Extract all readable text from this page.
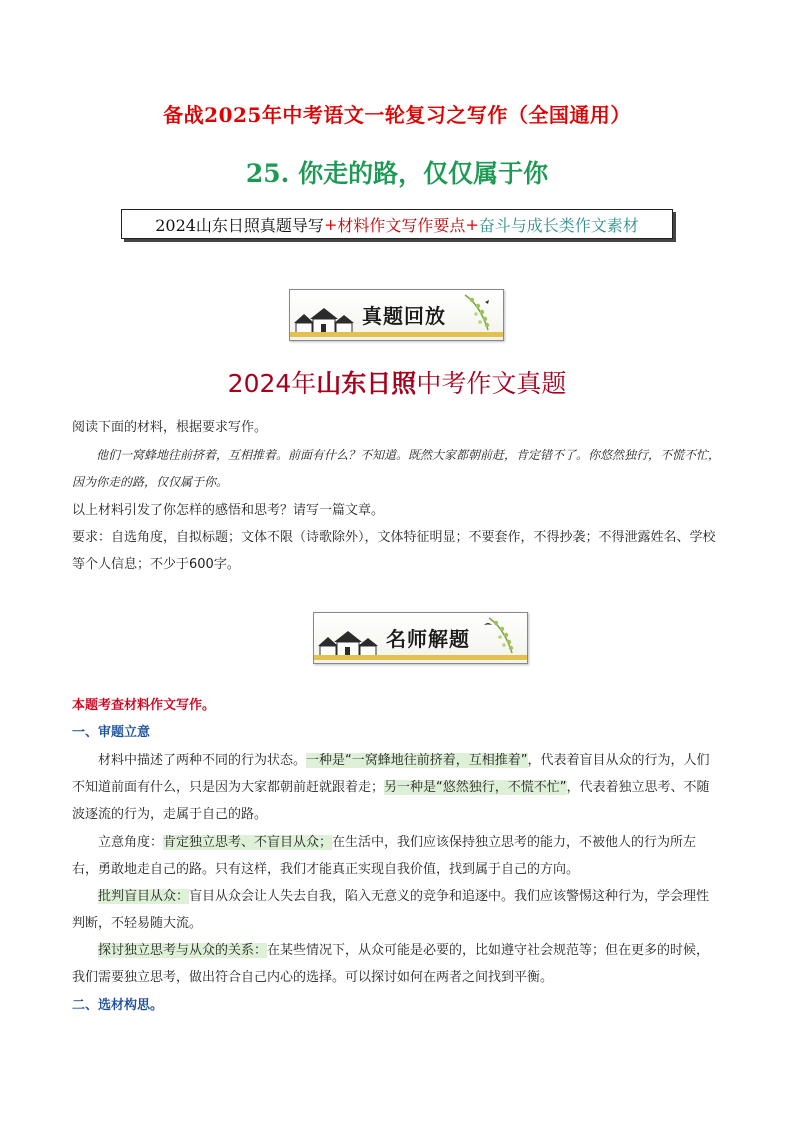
备战2025年中考语文一轮复习之写作（全国通用）
25. 你走的路，仅仅属于你
2024山东日照真题导写 + 材料作文写作要点 + 奋斗与成长类作文素材
真题回放
2024年山东日照中考作文真题
阅读下面的材料，根据要求写作。
他们一窝蜂地往前挤着，互相推着。前面有什么？不知道。既然大家都朝前赶，肯定错不了。你悠然独行，不慌不忙，因为你走的路，仅仅属于你。
以上材料引发了你怎样的感悟和思考？请写一篇文章。
要求：自选角度，自拟标题；文体不限（诗歌除外），文体特征明显；不要套作，不得抄袭；不得泄露姓名、学校等个人信息；不少于600字。
名师解题
本题考查材料作文写作。
一、审题立意
材料中描述了两种不同的行为状态。一种是“一窝蜂地往前挤着，互相推着”，代表着盲目从众的行为，人们不知道前面有什么，只是因为大家都朝前赶就跟着走；另一种是“悠然独行，不慌不忙”，代表着独立思考、不随波逐流的行为，走属于自己的路。
立意角度：肯定独立思考、不盲目从众；在生活中，我们应该保持独立思考的能力，不被他人的行为所左右，勇敢地走自己的路。只有这样，我们才能真正实现自我价值，找到属于自己的方向。
批判盲目从众：盲目从众会让人失去自我，陷入无意义的竞争和追逐中。我们应该警惕这种行为，学会理性判断，不轻易随大流。
探讨独立思考与从众的关系：在某些情况下，从众可能是必要的，比如遵守社会规范等；但在更多的时候，我们需要独立思考，做出符合自己内心的选择。可以探讨如何在两者之间找到平衡。
二、选材构思。
